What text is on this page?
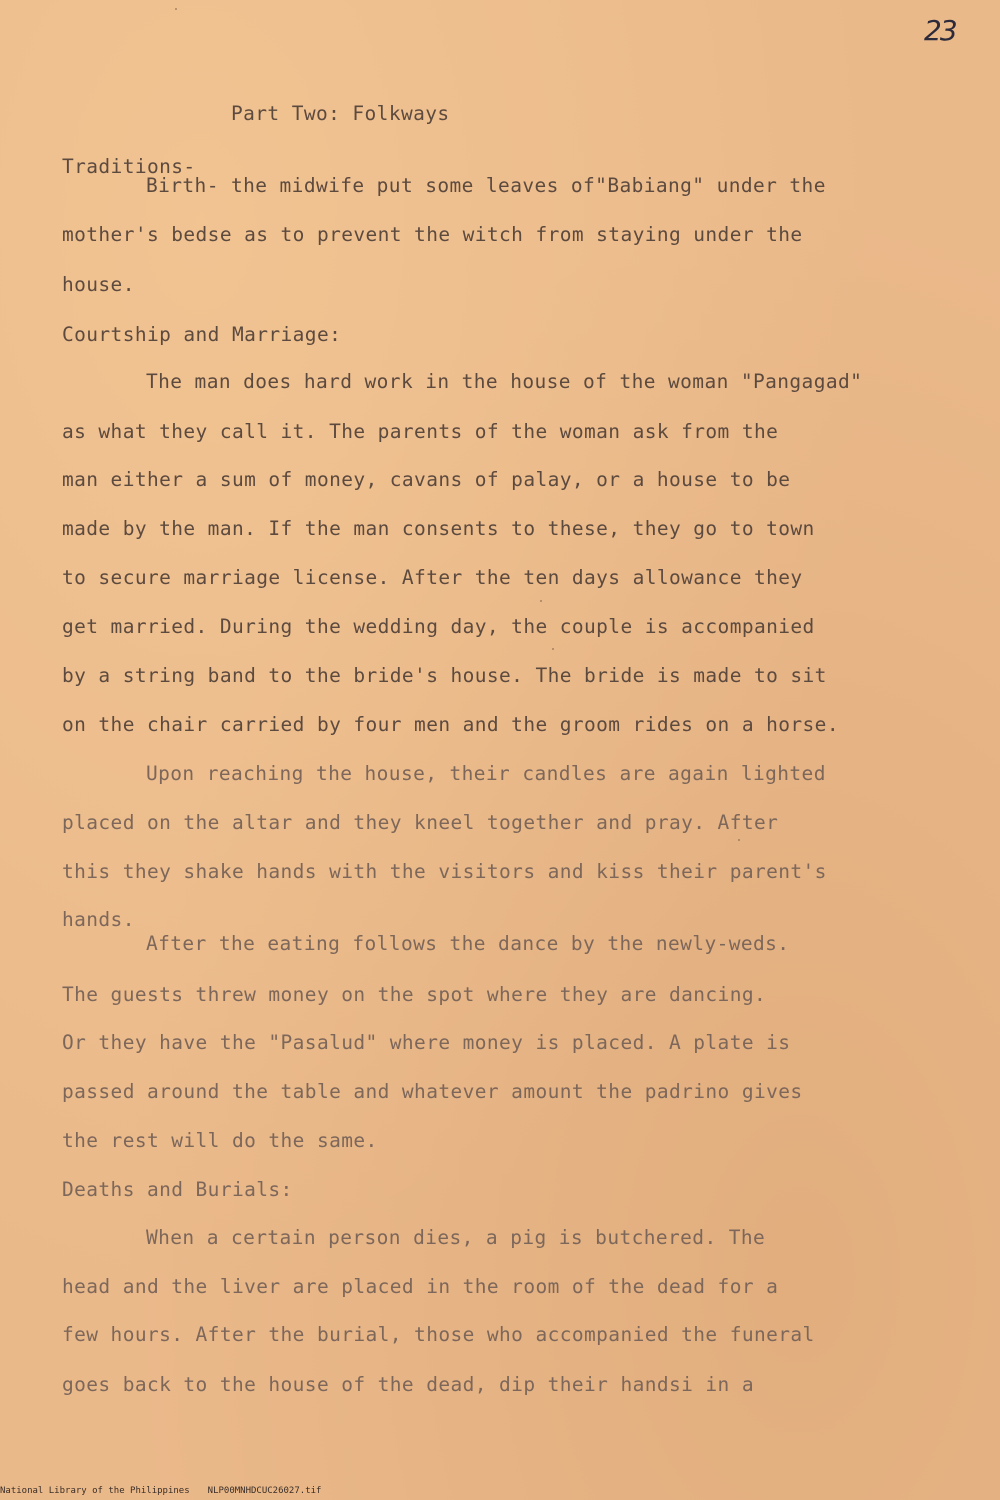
23
Part Two: Folkways
Traditions-
Birth- the midwife put some leaves of"Babiang" under the
mother's bedse as to prevent the witch from staying under the
house.
Courtship and Marriage:
The man does hard work in the house of the woman "Pangagad"
as what they call it. The parents of the woman ask from the
man either a sum of money, cavans of palay, or a house to be
made by the man. If the man consents to these, they go to town
to secure marriage license. After the ten days allowance they
get married. During the wedding day, the couple is accompanied
by a string band to the bride's house. The bride is made to sit
on the chair carried by four men and the groom rides on a horse.
Upon reaching the house, their candles are again lighted
placed on the altar and they kneel together and pray. After
this they shake hands with the visitors and kiss their parent's
hands.
After the eating follows the dance by the newly-weds.
The guests threw money on the spot where they are dancing.
Or they have the "Pasalud" where money is placed. A plate is
passed around the table and whatever amount the padrino gives
the rest will do the same.
Deaths and Burials:
When a certain person dies, a pig is butchered. The
head and the liver are placed in the room of the dead for a
few hours. After the burial, those who accompanied the funeral
goes back to the house of the dead, dip their handsi in a
National Library of the Philippines NLP00MNHDCUC26027.tif
